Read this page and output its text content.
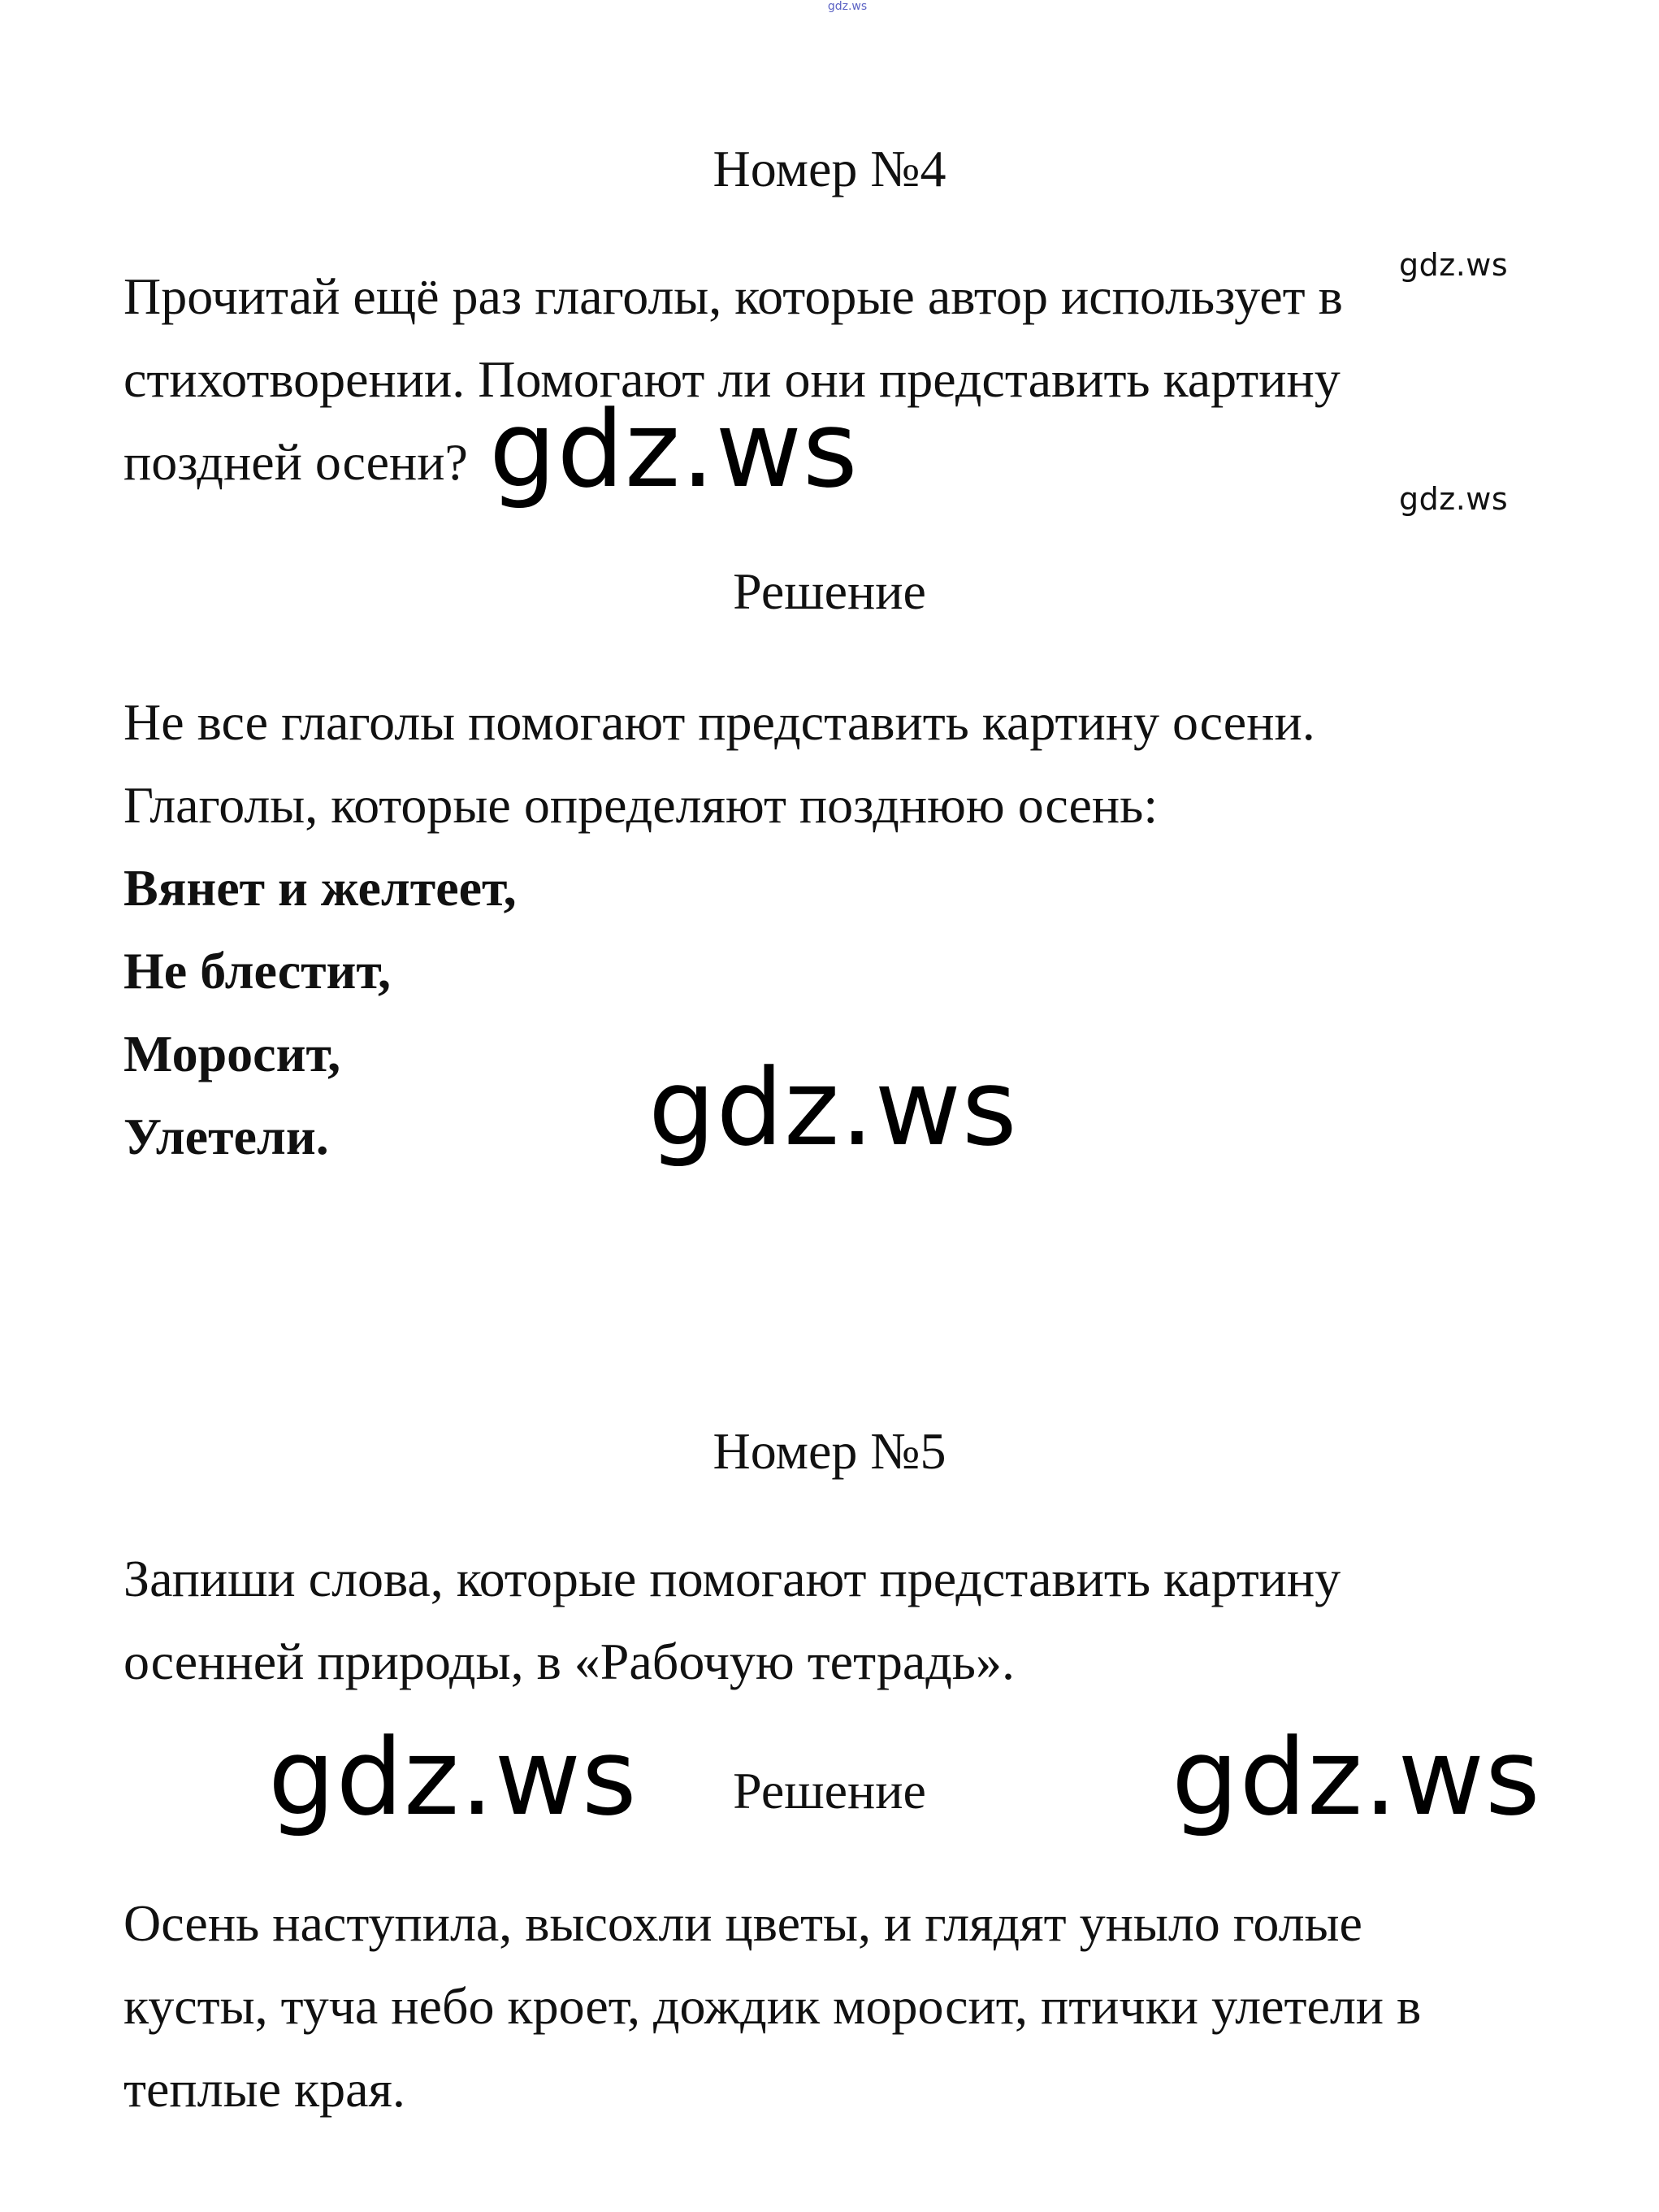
gdz.ws
Номер №4

Прочитай ещё раз глаголы, которые автор использует в

стихотворении. Помогают ли они представить картину

поздней осени?

gdz.ws
gdz.ws
gdz.ws
Решение

Не все глаголы помогают представить картину осени.

Глаголы, которые определяют позднюю осень:

Вянет и желтеет,

Не блестит,

Моросит,

Улетели.	gdz.ws
Номер №5

Запиши слова, которые помогают представить картину

осенней природы, в «Рабочую тетрадь».

gdz.ws	Решение	gdz.ws

Осень наступила, высохли цветы, и глядят уныло голые

кусты, туча небо кроет, дождик моросит, птички улетели в

теплые края.
